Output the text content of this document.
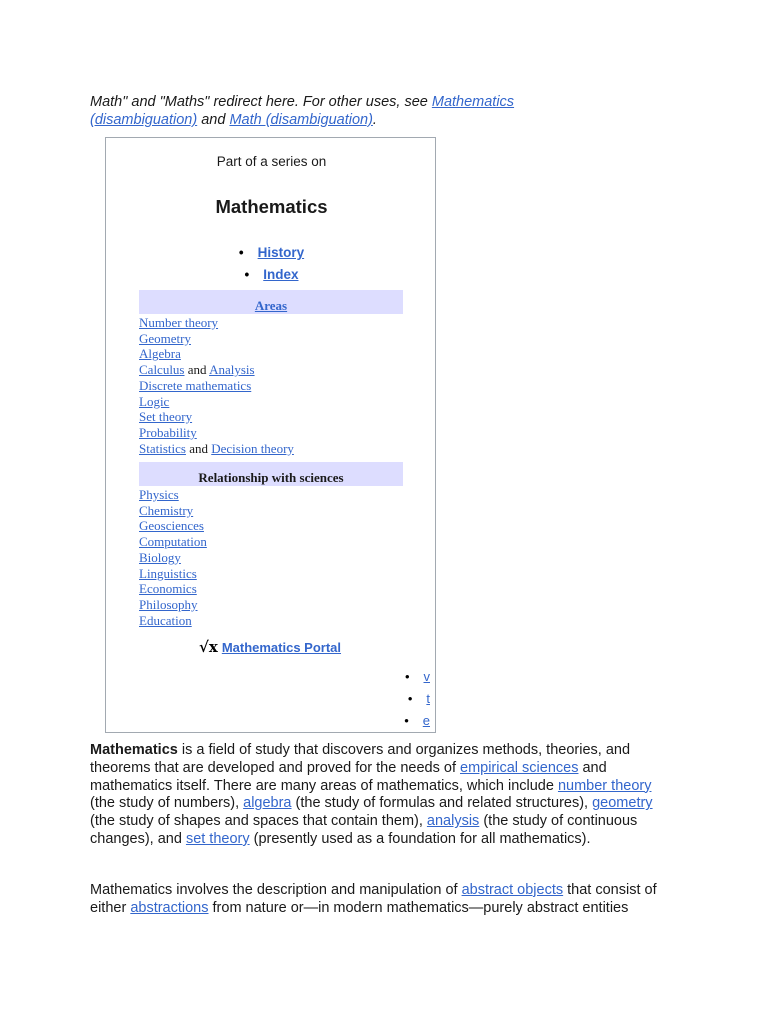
Math" and "Maths" redirect here. For other uses, see Mathematics (disambiguation) and Math (disambiguation).
Part of a series on
Mathematics
• History
• Index
Areas
Number theory
Geometry
Algebra
Calculus and Analysis
Discrete mathematics
Logic
Set theory
Probability
Statistics and Decision theory
Relationship with sciences
Physics
Chemistry
Geosciences
Computation
Biology
Linguistics
Economics
Philosophy
Education
√x Mathematics Portal
• v
• t
• e

Mathematics is a field of study that discovers and organizes methods, theories, and theorems that are developed and proved for the needs of empirical sciences and mathematics itself. There are many areas of mathematics, which include number theory (the study of numbers), algebra (the study of formulas and related structures), geometry (the study of shapes and spaces that contain them), analysis (the study of continuous changes), and set theory (presently used as a foundation for all mathematics).

Mathematics involves the description and manipulation of abstract objects that consist of either abstractions from nature or—in modern mathematics—purely abstract entities
